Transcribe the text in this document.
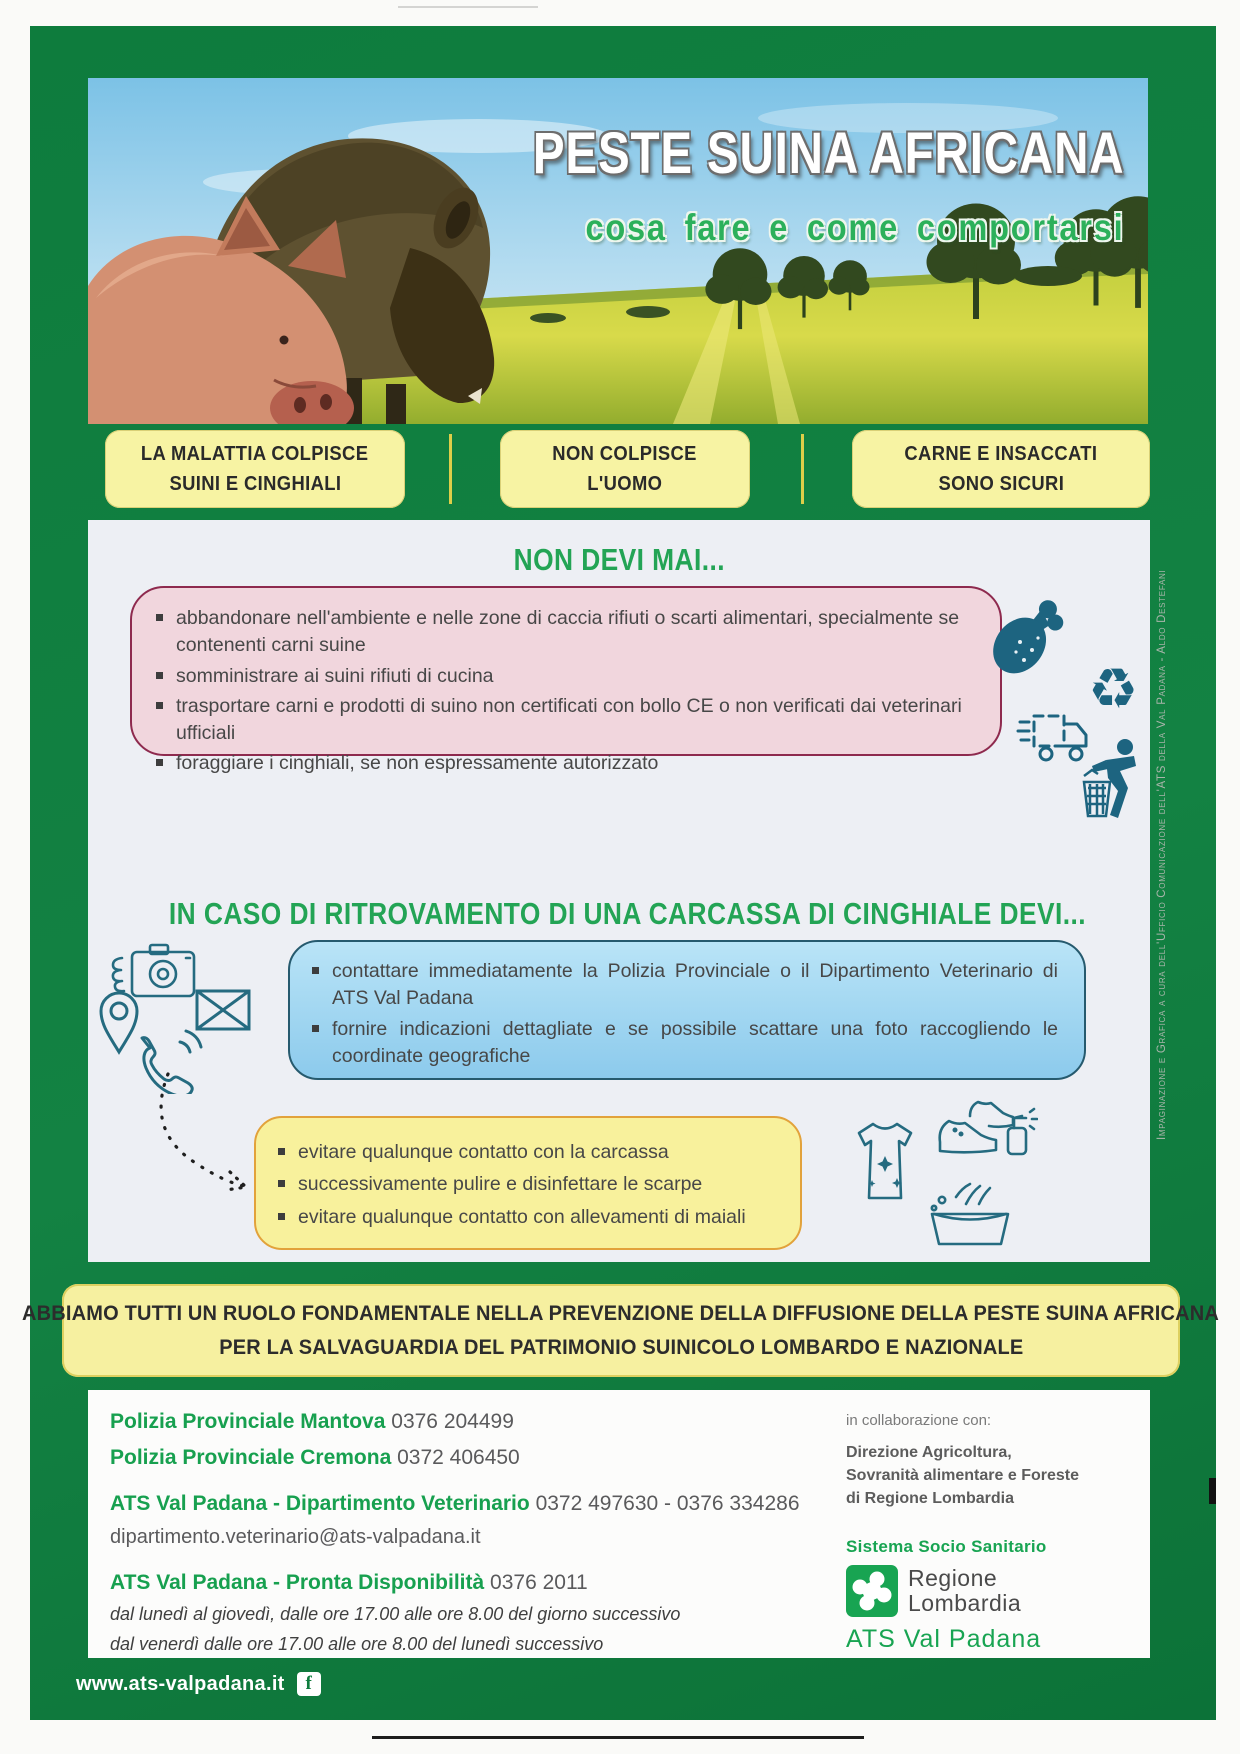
PESTE SUINA AFRICANA
cosa fare e come comportarsi
LA MALATTIA COLPISCE
SUINI E CINGHIALI
NON COLPISCE
L'UOMO
CARNE E INSACCATI
SONO SICURI
NON DEVI MAI...
abbandonare nell'ambiente e nelle zone di caccia rifiuti o scarti alimentari, specialmente se contenenti carni suine
somministrare ai suini rifiuti di cucina
trasportare carni e prodotti di suino non certificati con bollo CE o non verificati dai veterinari ufficiali
foraggiare i cinghiali, se non espressamente autorizzato
♻
IN CASO DI RITROVAMENTO DI UNA CARCASSA DI CINGHIALE DEVI...
contattare immediatamente la Polizia Provinciale o il Dipartimento Veterinario di ATS Val Padana
fornire indicazioni dettagliate e se possibile scattare una foto raccogliendo le coordinate geografiche
evitare qualunque contatto con la carcassa
successivamente pulire e disinfettare le scarpe
evitare qualunque contatto con allevamenti di maiali
ABBIAMO TUTTI UN RUOLO FONDAMENTALE NELLA PREVENZIONE DELLA DIFFUSIONE DELLA PESTE SUINA AFRICANA
PER LA SALVAGUARDIA DEL PATRIMONIO SUINICOLO LOMBARDO E NAZIONALE
Polizia Provinciale Mantova 0376 204499
Polizia Provinciale Cremona 0372 406450
ATS Val Padana - Dipartimento Veterinario 0372 497630 - 0376 334286
dipartimento.veterinario@ats-valpadana.it
ATS Val Padana - Pronta Disponibilità 0376 2011
dal lunedì al giovedì, dalle ore 17.00 alle ore 8.00 del giorno successivo
dal venerdì dalle ore 17.00 alle ore 8.00 del lunedì successivo
in collaborazione con:
Direzione Agricoltura,
Sovranità alimentare e Foreste
di Regione Lombardia
Sistema Socio Sanitario
Regione
Lombardia
ATS Val Padana
www.ats-valpadana.it	f
Impaginazione e Grafica a cura dell'Ufficio Comunicazione dell'ATS della Val Padana - Aldo Destefani
